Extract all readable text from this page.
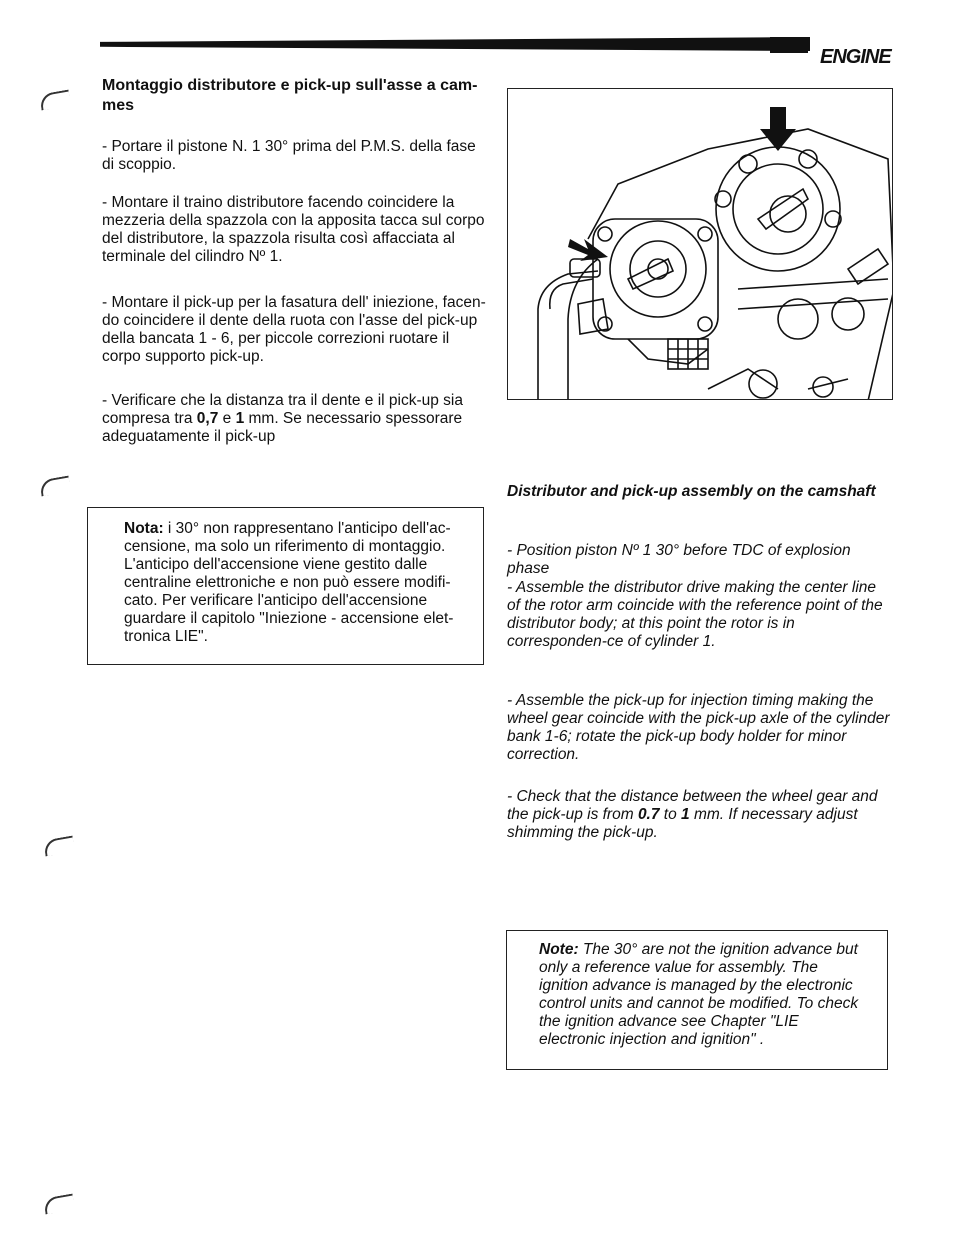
ENGINE
Montaggio distributore e pick-up sull'asse a cam-mes

- Portare il pistone N. 1 30° prima del P.M.S. della fase di scoppio.

- Montare il traino distributore facendo coincidere la mezzeria della spazzola con la apposita tacca sul corpo del distributore, la spazzola risulta così affacciata al terminale del cilindro Nº 1.

- Montare il pick-up per la fasatura dell' iniezione, facen-do coincidere il dente della ruota con l'asse del pick-up della bancata 1 - 6, per piccole correzioni ruotare il corpo supporto pick-up.

- Verificare che la distanza tra il dente e il pick-up sia compresa tra 0,7 e 1 mm. Se necessario spessorare adeguatamente il pick-up

Nota: i 30° non rappresentano l'anticipo dell'ac-censione, ma solo un riferimento di montaggio. L'anticipo dell'accensione viene gestito dalle centraline elettroniche e non può essere modifi-cato. Per verificare l'anticipo dell'accensione guardare il capitolo "Iniezione - accensione elet-tronica LIE".
Distributor and pick-up assembly on the camshaft

- Position piston Nº 1 30° before TDC of explosion phase

- Assemble the distributor drive making the center line of the rotor arm coincide with the reference point of the distributor body; at this point the rotor is in corresponden-ce of cylinder 1.

- Assemble the pick-up for injection timing making the wheel gear coincide with the pick-up axle of the cylinder bank 1-6; rotate the pick-up body holder for minor correction.

- Check that the distance between the wheel gear and the pick-up is from 0.7 to 1 mm. If necessary adjust shimming the pick-up.

Note: The 30° are not the ignition advance but only a reference value for assembly. The ignition advance is managed by the electronic control units and cannot be modified. To check the ignition advance see Chapter "LIE electronic injection and ignition" .
